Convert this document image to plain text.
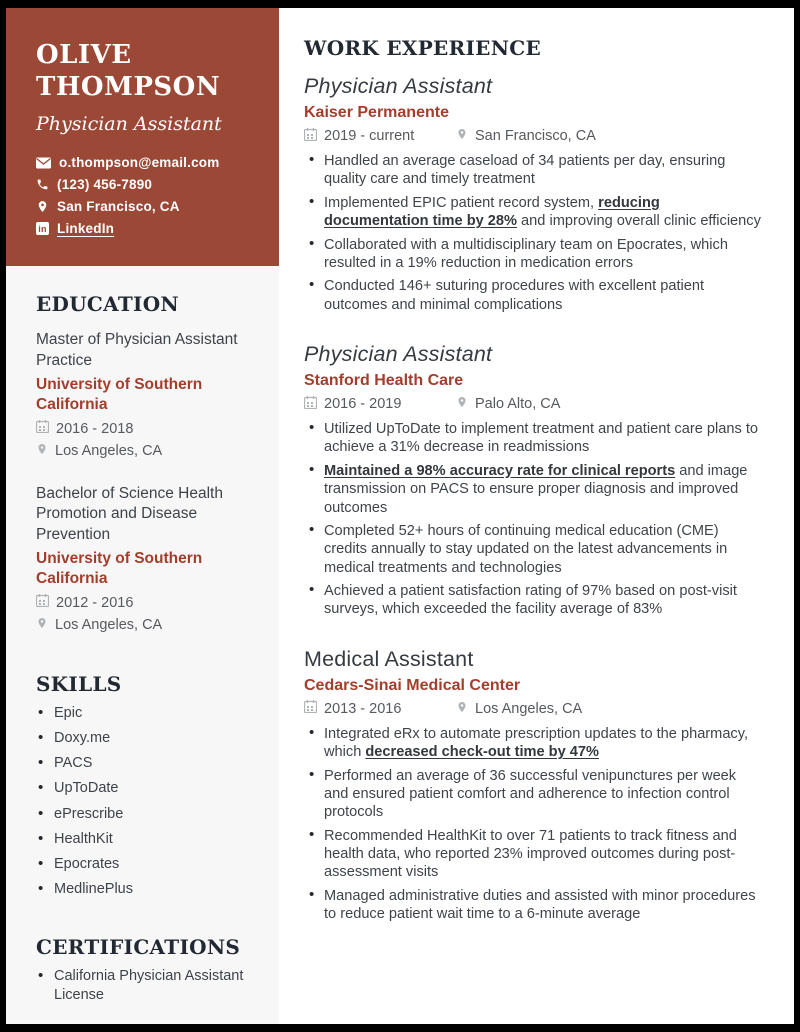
OLIVE
THOMPSON
Physician Assistant
o.thompson@email.com
(123) 456-7890
San Francisco, CA
in LinkedIn
EDUCATION
Master of Physician Assistant Practice
University of Southern California
2016 - 2018
Los Angeles, CA
Bachelor of Science Health Promotion and Disease Prevention
University of Southern California
2012 - 2016
Los Angeles, CA
SKILLS
• Epic
• Doxy.me
• PACS
• UpToDate
• ePrescribe
• HealthKit
• Epocrates
• MedlinePlus
CERTIFICATIONS
• California Physician Assistant License
WORK EXPERIENCE
Physician Assistant
Kaiser Permanente
2019 - current	San Francisco, CA
• Handled an average caseload of 34 patients per day, ensuring quality care and timely treatment
• Implemented EPIC patient record system, reducing documentation time by 28% and improving overall clinic efficiency
• Collaborated with a multidisciplinary team on Epocrates, which resulted in a 19% reduction in medication errors
• Conducted 146+ suturing procedures with excellent patient outcomes and minimal complications
Physician Assistant
Stanford Health Care
2016 - 2019	Palo Alto, CA
• Utilized UpToDate to implement treatment and patient care plans to achieve a 31% decrease in readmissions
• Maintained a 98% accuracy rate for clinical reports and image transmission on PACS to ensure proper diagnosis and improved outcomes
• Completed 52+ hours of continuing medical education (CME) credits annually to stay updated on the latest advancements in medical treatments and technologies
• Achieved a patient satisfaction rating of 97% based on post-visit surveys, which exceeded the facility average of 83%
Medical Assistant
Cedars-Sinai Medical Center
2013 - 2016	Los Angeles, CA
• Integrated eRx to automate prescription updates to the pharmacy, which decreased check-out time by 47%
• Performed an average of 36 successful venipunctures per week and ensured patient comfort and adherence to infection control protocols
• Recommended HealthKit to over 71 patients to track fitness and health data, who reported 23% improved outcomes during post-assessment visits
• Managed administrative duties and assisted with minor procedures to reduce patient wait time to a 6-minute average
